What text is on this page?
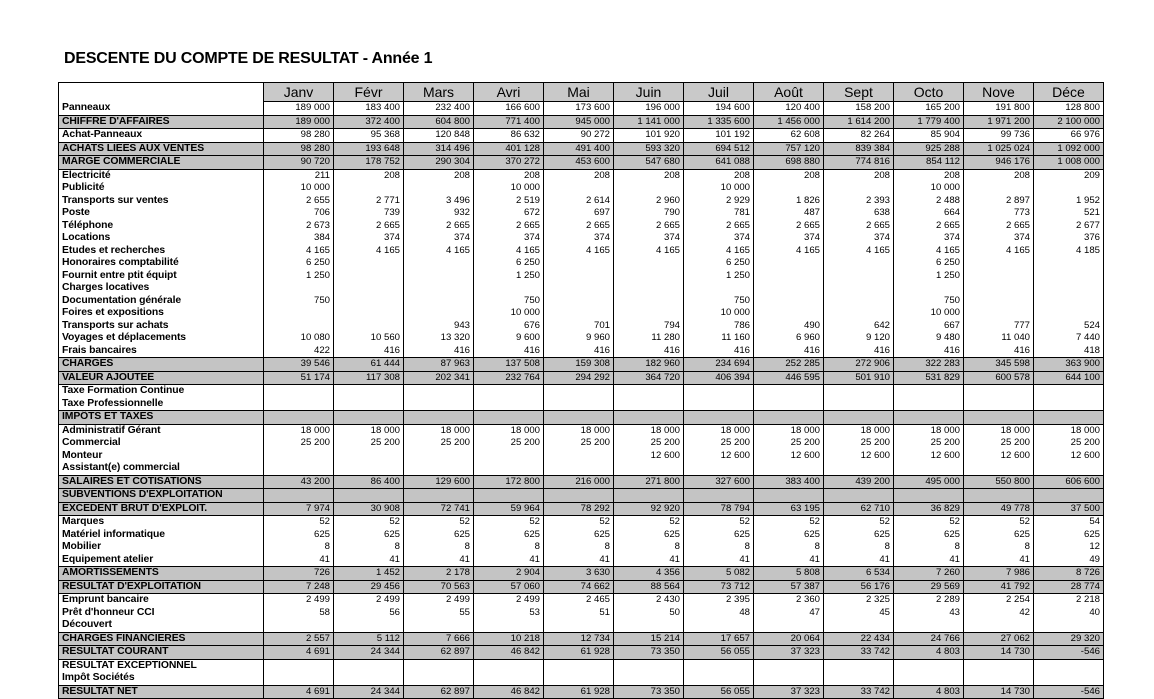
DESCENTE DU COMPTE DE RESULTAT - Année 1
	Janv	Févr	Mars	Avri	Mai	Juin	Juil	Août	Sept	Octo	Nove	Déce
Panneaux	189 000	183 400	232 400	166 600	173 600	196 000	194 600	120 400	158 200	165 200	191 800	128 800
CHIFFRE D'AFFAIRES	189 000	372 400	604 800	771 400	945 000	1 141 000	1 335 600	1 456 000	1 614 200	1 779 400	1 971 200	2 100 000
Achat-Panneaux	98 280	95 368	120 848	86 632	90 272	101 920	101 192	62 608	82 264	85 904	99 736	66 976
ACHATS LIEES AUX VENTES	98 280	193 648	314 496	401 128	491 400	593 320	694 512	757 120	839 384	925 288	1 025 024	1 092 000
MARGE COMMERCIALE	90 720	178 752	290 304	370 272	453 600	547 680	641 088	698 880	774 816	854 112	946 176	1 008 000
Electricité	211	208	208	208	208	208	208	208	208	208	208	209
Publicité	10 000			10 000			10 000			10 000		
Transports sur ventes	2 655	2 771	3 496	2 519	2 614	2 960	2 929	1 826	2 393	2 488	2 897	1 952
Poste	706	739	932	672	697	790	781	487	638	664	773	521
Téléphone	2 673	2 665	2 665	2 665	2 665	2 665	2 665	2 665	2 665	2 665	2 665	2 677
Locations	384	374	374	374	374	374	374	374	374	374	374	376
Etudes et recherches	4 165	4 165	4 165	4 165	4 165	4 165	4 165	4 165	4 165	4 165	4 165	4 185
Honoraires comptabilité	6 250			6 250			6 250			6 250		
Fournit entre ptit équipt	1 250			1 250			1 250			1 250		
Charges locatives												
Documentation générale	750			750			750			750		
Foires et expositions				10 000			10 000			10 000		
Transports sur achats			943	676	701	794	786	490	642	667	777	524
Voyages et déplacements	10 080	10 560	13 320	9 600	9 960	11 280	11 160	6 960	9 120	9 480	11 040	7 440
Frais bancaires	422	416	416	416	416	416	416	416	416	416	416	418
CHARGES	39 546	61 444	87 963	137 508	159 308	182 960	234 694	252 285	272 906	322 283	345 598	363 900
VALEUR AJOUTEE	51 174	117 308	202 341	232 764	294 292	364 720	406 394	446 595	501 910	531 829	600 578	644 100
Taxe Formation Continue												
Taxe Professionnelle												
IMPÔTS ET TAXES												
Administratif Gérant	18 000	18 000	18 000	18 000	18 000	18 000	18 000	18 000	18 000	18 000	18 000	18 000
Commercial	25 200	25 200	25 200	25 200	25 200	25 200	25 200	25 200	25 200	25 200	25 200	25 200
Monteur						12 600	12 600	12 600	12 600	12 600	12 600	12 600
Assistant(e) commercial												
SALAIRES ET COTISATIONS	43 200	86 400	129 600	172 800	216 000	271 800	327 600	383 400	439 200	495 000	550 800	606 600
SUBVENTIONS D'EXPLOITATION												
EXCEDENT BRUT D'EXPLOIT.	7 974	30 908	72 741	59 964	78 292	92 920	78 794	63 195	62 710	36 829	49 778	37 500
Marques	52	52	52	52	52	52	52	52	52	52	52	54
Matériel informatique	625	625	625	625	625	625	625	625	625	625	625	625
Mobilier	8	8	8	8	8	8	8	8	8	8	8	12
Equipement atelier	41	41	41	41	41	41	41	41	41	41	41	49
AMORTISSEMENTS	726	1 452	2 178	2 904	3 630	4 356	5 082	5 808	6 534	7 260	7 986	8 726
RESULTAT D'EXPLOITATION	7 248	29 456	70 563	57 060	74 662	88 564	73 712	57 387	56 176	29 569	41 792	28 774
Emprunt bancaire	2 499	2 499	2 499	2 499	2 465	2 430	2 395	2 360	2 325	2 289	2 254	2 218
Prêt d'honneur CCI	58	56	55	53	51	50	48	47	45	43	42	40
Découvert												
CHARGES FINANCIERES	2 557	5 112	7 666	10 218	12 734	15 214	17 657	20 064	22 434	24 766	27 062	29 320
RESULTAT COURANT	4 691	24 344	62 897	46 842	61 928	73 350	56 055	37 323	33 742	4 803	14 730	-546
RESULTAT EXCEPTIONNEL												
Impôt Sociétés												
RESULTAT NET	4 691	24 344	62 897	46 842	61 928	73 350	56 055	37 323	33 742	4 803	14 730	-546
